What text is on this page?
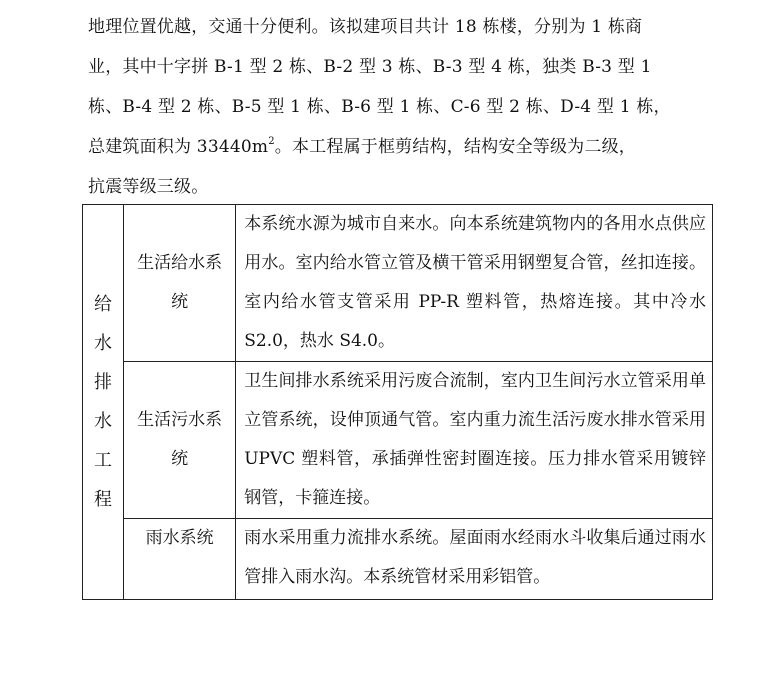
地理位置优越，交通十分便利。该拟建项目共计 18 栋楼，分别为 1 栋商
业，其中十字拼 B-1 型 2 栋、B-2 型 3 栋、B-3 型 4 栋，独类 B-3 型 1
栋、B-4 型 2 栋、B-5 型 1 栋、B-6 型 1 栋、C-6 型 2 栋、D-4 型 1 栋，
总建筑面积为 $33440m^2$。本工程属于框剪结构，结构安全等级为二级，
抗震等级三级。
给水排水工程	生活给水系统	本系统水源为城市自来水。向本系统建筑物内的各用水点供应用水。室内给水管立管及横干管采用钢塑复合管，丝扣连接。室内给水管支管采用 PP-R 塑料管，热熔连接。其中冷水 S2.0，热水 S4.0。
	生活污水系统	卫生间排水系统采用污废合流制，室内卫生间污水立管采用单立管系统，设伸顶通气管。室内重力流生活污废水排水管采用 UPVC 塑料管，承插弹性密封圈连接。压力排水管采用镀锌钢管，卡箍连接。
	雨水系统	雨水采用重力流排水系统。屋面雨水经雨水斗收集后通过雨水管排入雨水沟。本系统管材采用彩铝管。
